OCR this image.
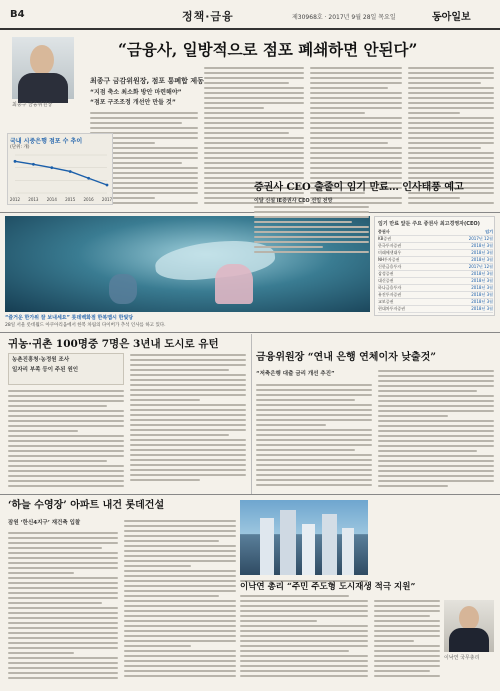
B4	정책·금융	제30968호 · 2017년 9월 28일 목요일	동아일보
“금융사, 일방적으로 점포 폐쇄하면 안된다”
최종구 금융위원장
최종구 금감위원장, 점포 통폐합 제동
“지점 축소 최소화 방안 마련해야”
“점포 구조조정 개선안 만들 것”
국내 시중은행 점포 수 추이
(단위: 개)
2012 2013 2014 2015 2016 2017
“즐거운 한가위 잘 보내세요” 롯데백화점 한복맵시 한빛당
28일 서울 롯데월드 아쿠아리움에서 한복 차림의 다이버가 추석 인사를 하고 있다.
증권사 CEO 출줄이 임기 만료… 인사태풍 예고
이달 신설 IE증권사 CEO 선임 전망
임기 만료 앞둔 주요 증권사 최고경영자(CEO)
증권사	임기
KB증권	2017년 12월
한국투자증권	2018년 3월
미래에셋대우	2018년 3월
NH투자증권	2018년 3월
신한금융투자	2017년 12월
삼성증권	2018년 3월
대신증권	2018년 3월
하나금융투자	2018년 3월
유진투자증권	2018년 3월
교보증권	2018년 3월
현대차투자증권	2018년 3월
귀농·귀촌 100명중 7명은 3년내 도시로 유턴
농촌진흥청·농정원 조사
일자리 부족 등이 주된 원인
금융위원장 “연내 은행 연체이자 낮출것”
“저축은행 대출 금리 개선 추진”
‘하늘 수영장’ 아파트 내건 롯데건설
잠원 ‘한신4지구’ 재건축 입찰
이낙연 총리 “주민 주도형 도시재생 적극 지원”
이낙연 국무총리
